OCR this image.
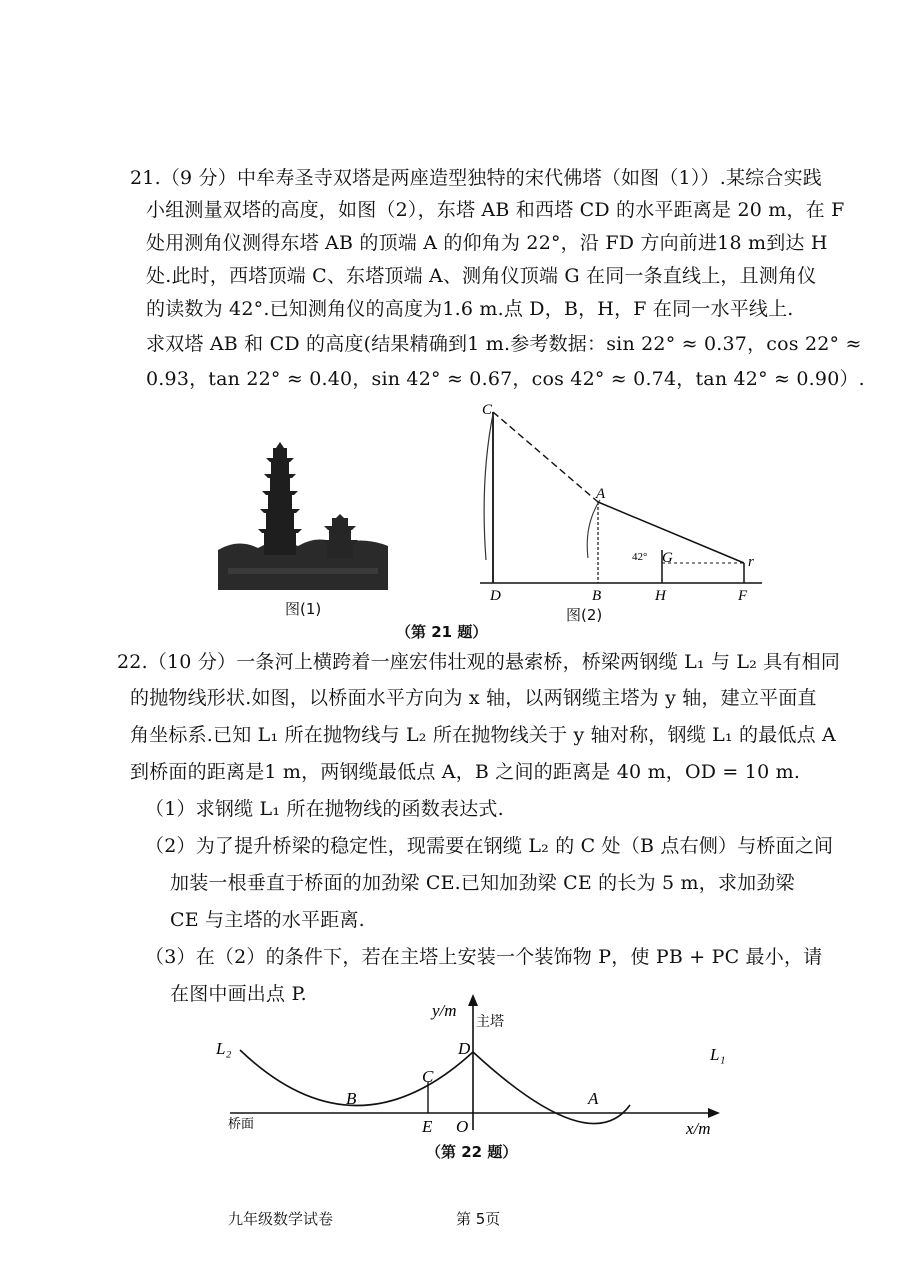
21.（9 分）中牟寿圣寺双塔是两座造型独特的宋代佛塔（如图（1））.某综合实践
小组测量双塔的高度，如图（2），东塔 AB 和西塔 CD 的水平距离是 20 m，在 F
处用测角仪测得东塔 AB 的顶端 A 的仰角为 22°，沿 FD 方向前进18 m到达 H
处.此时，西塔顶端 C、东塔顶端 A、测角仪顶端 G 在同一条直线上，且测角仪
的读数为 42°.已知测角仪的高度为1.6 m.点 D，B，H，F 在同一水平线上.
求双塔 AB 和 CD 的高度(结果精确到1 m.参考数据：sin 22° ≈ 0.37，cos 22° ≈
0.93，tan 22° ≈ 0.40，sin 42° ≈ 0.67，cos 42° ≈ 0.74，tan 42° ≈ 0.90）.
图(1)
C
A
42° G	r
D	B	H	F
图(2)
（第 21 题）
22.（10 分）一条河上横跨着一座宏伟壮观的悬索桥，桥梁两钢缆 L₁ 与 L₂ 具有相同
的抛物线形状.如图，以桥面水平方向为 x 轴，以两钢缆主塔为 y 轴，建立平面直
角坐标系.已知 L₁ 所在抛物线与 L₂ 所在抛物线关于 y 轴对称，钢缆 L₁ 的最低点 A
到桥面的距离是1 m，两钢缆最低点 A，B 之间的距离是 40 m，OD = 10 m.
（1）求钢缆 L₁ 所在抛物线的函数表达式.
（2）为了提升桥梁的稳定性，现需要在钢缆 L₂ 的 C 处（B 点右侧）与桥面之间
加装一根垂直于桥面的加劲梁 CE.已知加劲梁 CE 的长为 5 m，求加劲梁
CE 与主塔的水平距离.
（3）在（2）的条件下，若在主塔上安装一个装饰物 P，使 PB + PC 最小，请
在图中画出点 P.
y/m
主塔
L₂	L₁
D
C
B	A
桥面	E O	x/m
（第 22 题）
九年级数学试卷	第 5页
